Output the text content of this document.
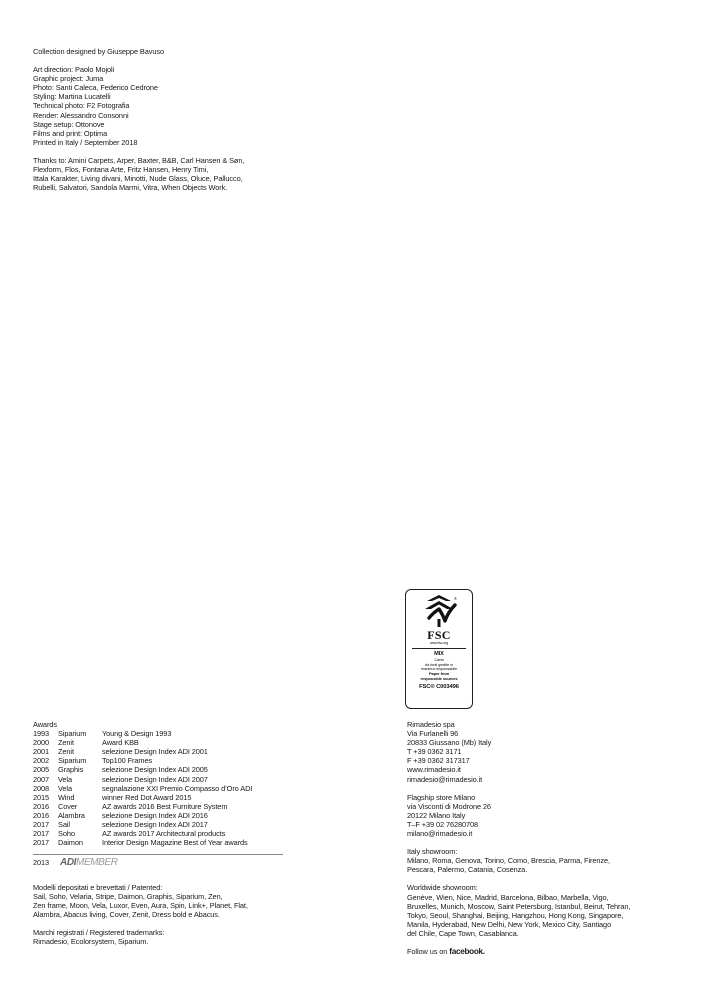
Collection designed by Giuseppe Bavuso
Art direction: Paolo Mojoli
Graphic project: Juma
Photo: Santi Caleca, Federico Cedrone
Styling: Martina Lucatelli
Technical photo: F2 Fotografia
Render: Alessandro Consonni
Stage setup: Ottonove
Films and print: Optima
Printed in Italy / September 2018
Thanks to: Amini Carpets, Arper, Baxter, B&B, Carl Hansen & Søn,
Flexform, Flos, Fontana Arte, Fritz Hansen, Henry Timi,
Ittala Karakter, Living divani, Minotti, Nude Glass, Oluce, Pallucco,
Rubelli, Salvatori, Sandola Marmi, Vitra, When Objects Work.
®
FSC
www.fsc.org
MIX
Carta
da fonti gestite in
maniera responsabile
Paper from
responsible sources
FSC® C003496
Awards
1993	Siparium	Young & Design 1993
2000	Zenit	Award KBB
2001	Zenit	selezione Design Index ADI 2001
2002	Siparium	Top100 Frames
2005	Graphis	selezione Design Index ADI 2005
2007	Vela	selezione Design Index ADI 2007
2008	Vela	segnalazione XXI Premio Compasso d’Oro ADI
2015	Wind	winner Red Dot Award 2015
2016	Cover	AZ awards 2016 Best Furniture System
2016	Alambra	selezione Design Index ADI 2016
2017	Sail	selezione Design Index ADI 2017
2017	Soho	AZ awards 2017 Architectural products
2017	Daimon	Interior Design Magazine Best of Year awards
2013	ADIMEMBER
Modelli depositati e brevettati / Patented:
Sail, Soho, Velaria, Stripe, Daimon, Graphis, Siparium, Zen,
Zen frame, Moon, Vela, Luxor, Even, Aura, Spin, Link+, Planet, Flat,
Alambra, Abacus living, Cover, Zenit, Dress bold e Abacus.
Marchi registrati / Registered trademarks:
Rimadesio, Ecolorsystem, Siparium.
Rimadesio spa
Via Furlanelli 96
20833 Giussano (Mb) Italy
T +39 0362 3171
F +39 0362 317317
www.rimadesio.it
rimadesio@rimadesio.it
Flagship store Milano
via Visconti di Modrone 26
20122 Milano Italy
T–F +39 02 76280708
milano@rimadesio.it
Italy showroom:
Milano, Roma, Genova, Torino, Como, Brescia, Parma, Firenze,
Pescara, Palermo, Catania, Cosenza.
Worldwide showroom:
Genève, Wien, Nice, Madrid, Barcelona, Bilbao, Marbella, Vigo,
Bruxelles, Munich, Moscow, Saint Petersburg, Istanbul, Beirut, Tehran,
Tokyo, Seoul, Shanghai, Beijing, Hangzhou, Hong Kong, Singapore,
Manila, Hyderabad, New Delhi, New York, Mexico City, Santiago
del Chile, Cape Town, Casablanca.
Follow us on facebook.
